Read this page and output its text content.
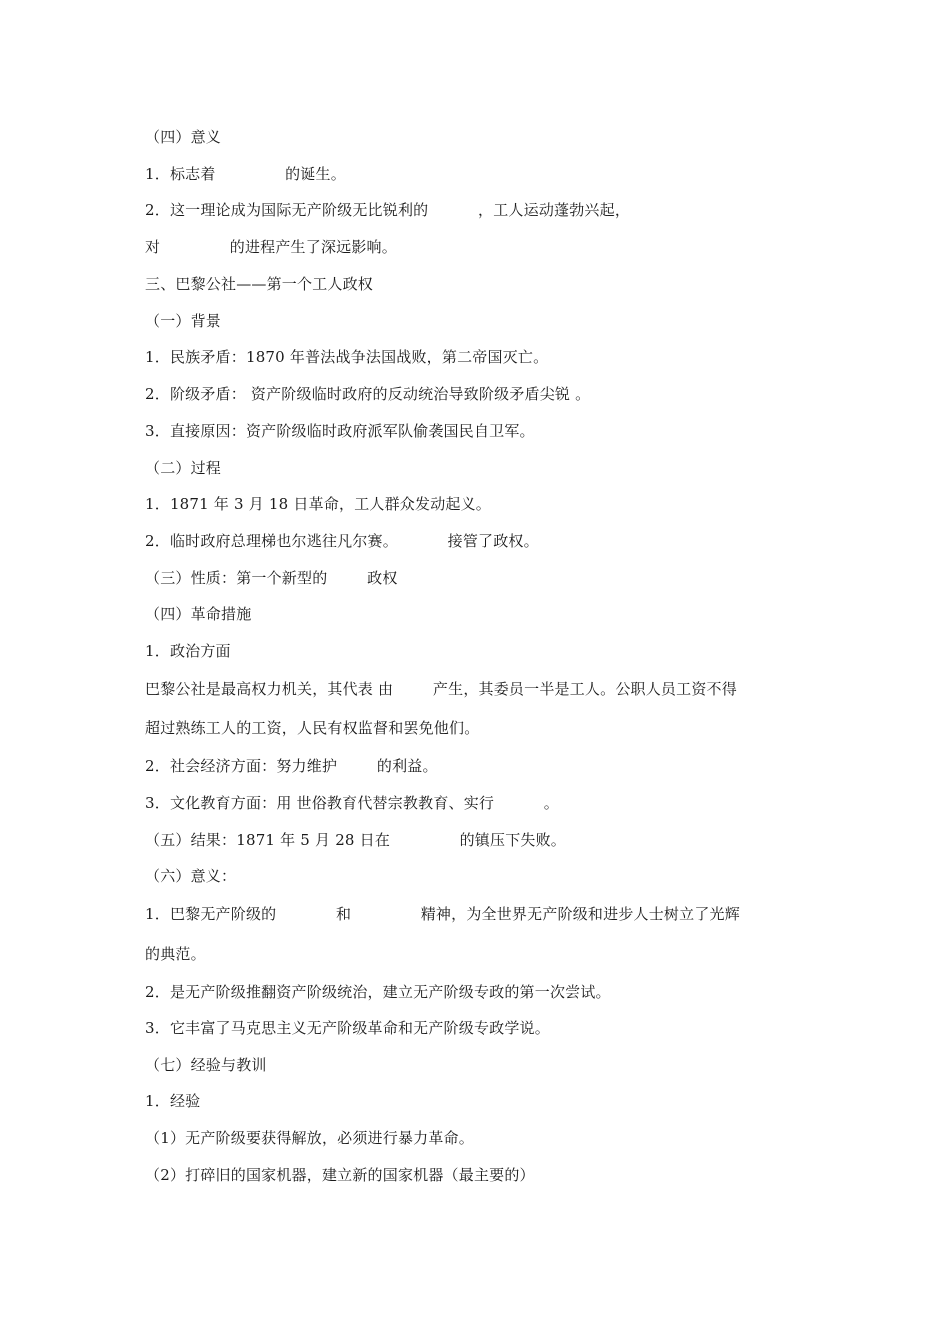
（四）意义
1．标志着              的诞生。
2．这一理论成为国际无产阶级无比锐利的          ，工人运动蓬勃兴起，
对              的进程产生了深远影响。
三、巴黎公社——第一个工人政权
（一）背景
1．民族矛盾：1870 年普法战争法国战败，第二帝国灭亡。
2．阶级矛盾： 资产阶级临时政府的反动统治导致阶级矛盾尖锐 。
3．直接原因：资产阶级临时政府派军队偷袭国民自卫军。
（二）过程
1．1871 年 3 月 18 日革命，工人群众发动起义。
2．临时政府总理梯也尔逃往凡尔赛。          接管了政权。
（三）性质：第一个新型的        政权
（四）革命措施
1．政治方面
巴黎公社是最高权力机关，其代表 由        产生，其委员一半是工人。公职人员工资不得
超过熟练工人的工资，人民有权监督和罢免他们。
2．社会经济方面：努力维护        的利益。
3．文化教育方面：用 世俗教育代替宗教教育、实行          。
（五）结果：1871 年 5 月 28 日在              的镇压下失败。
（六）意义：
1．巴黎无产阶级的            和              精神，为全世界无产阶级和进步人士树立了光辉
的典范。
2．是无产阶级推翻资产阶级统治，建立无产阶级专政的第一次尝试。
3．它丰富了马克思主义无产阶级革命和无产阶级专政学说。
（七）经验与教训
1．经验
（1）无产阶级要获得解放，必须进行暴力革命。
（2）打碎旧的国家机器，建立新的国家机器（最主要的）
